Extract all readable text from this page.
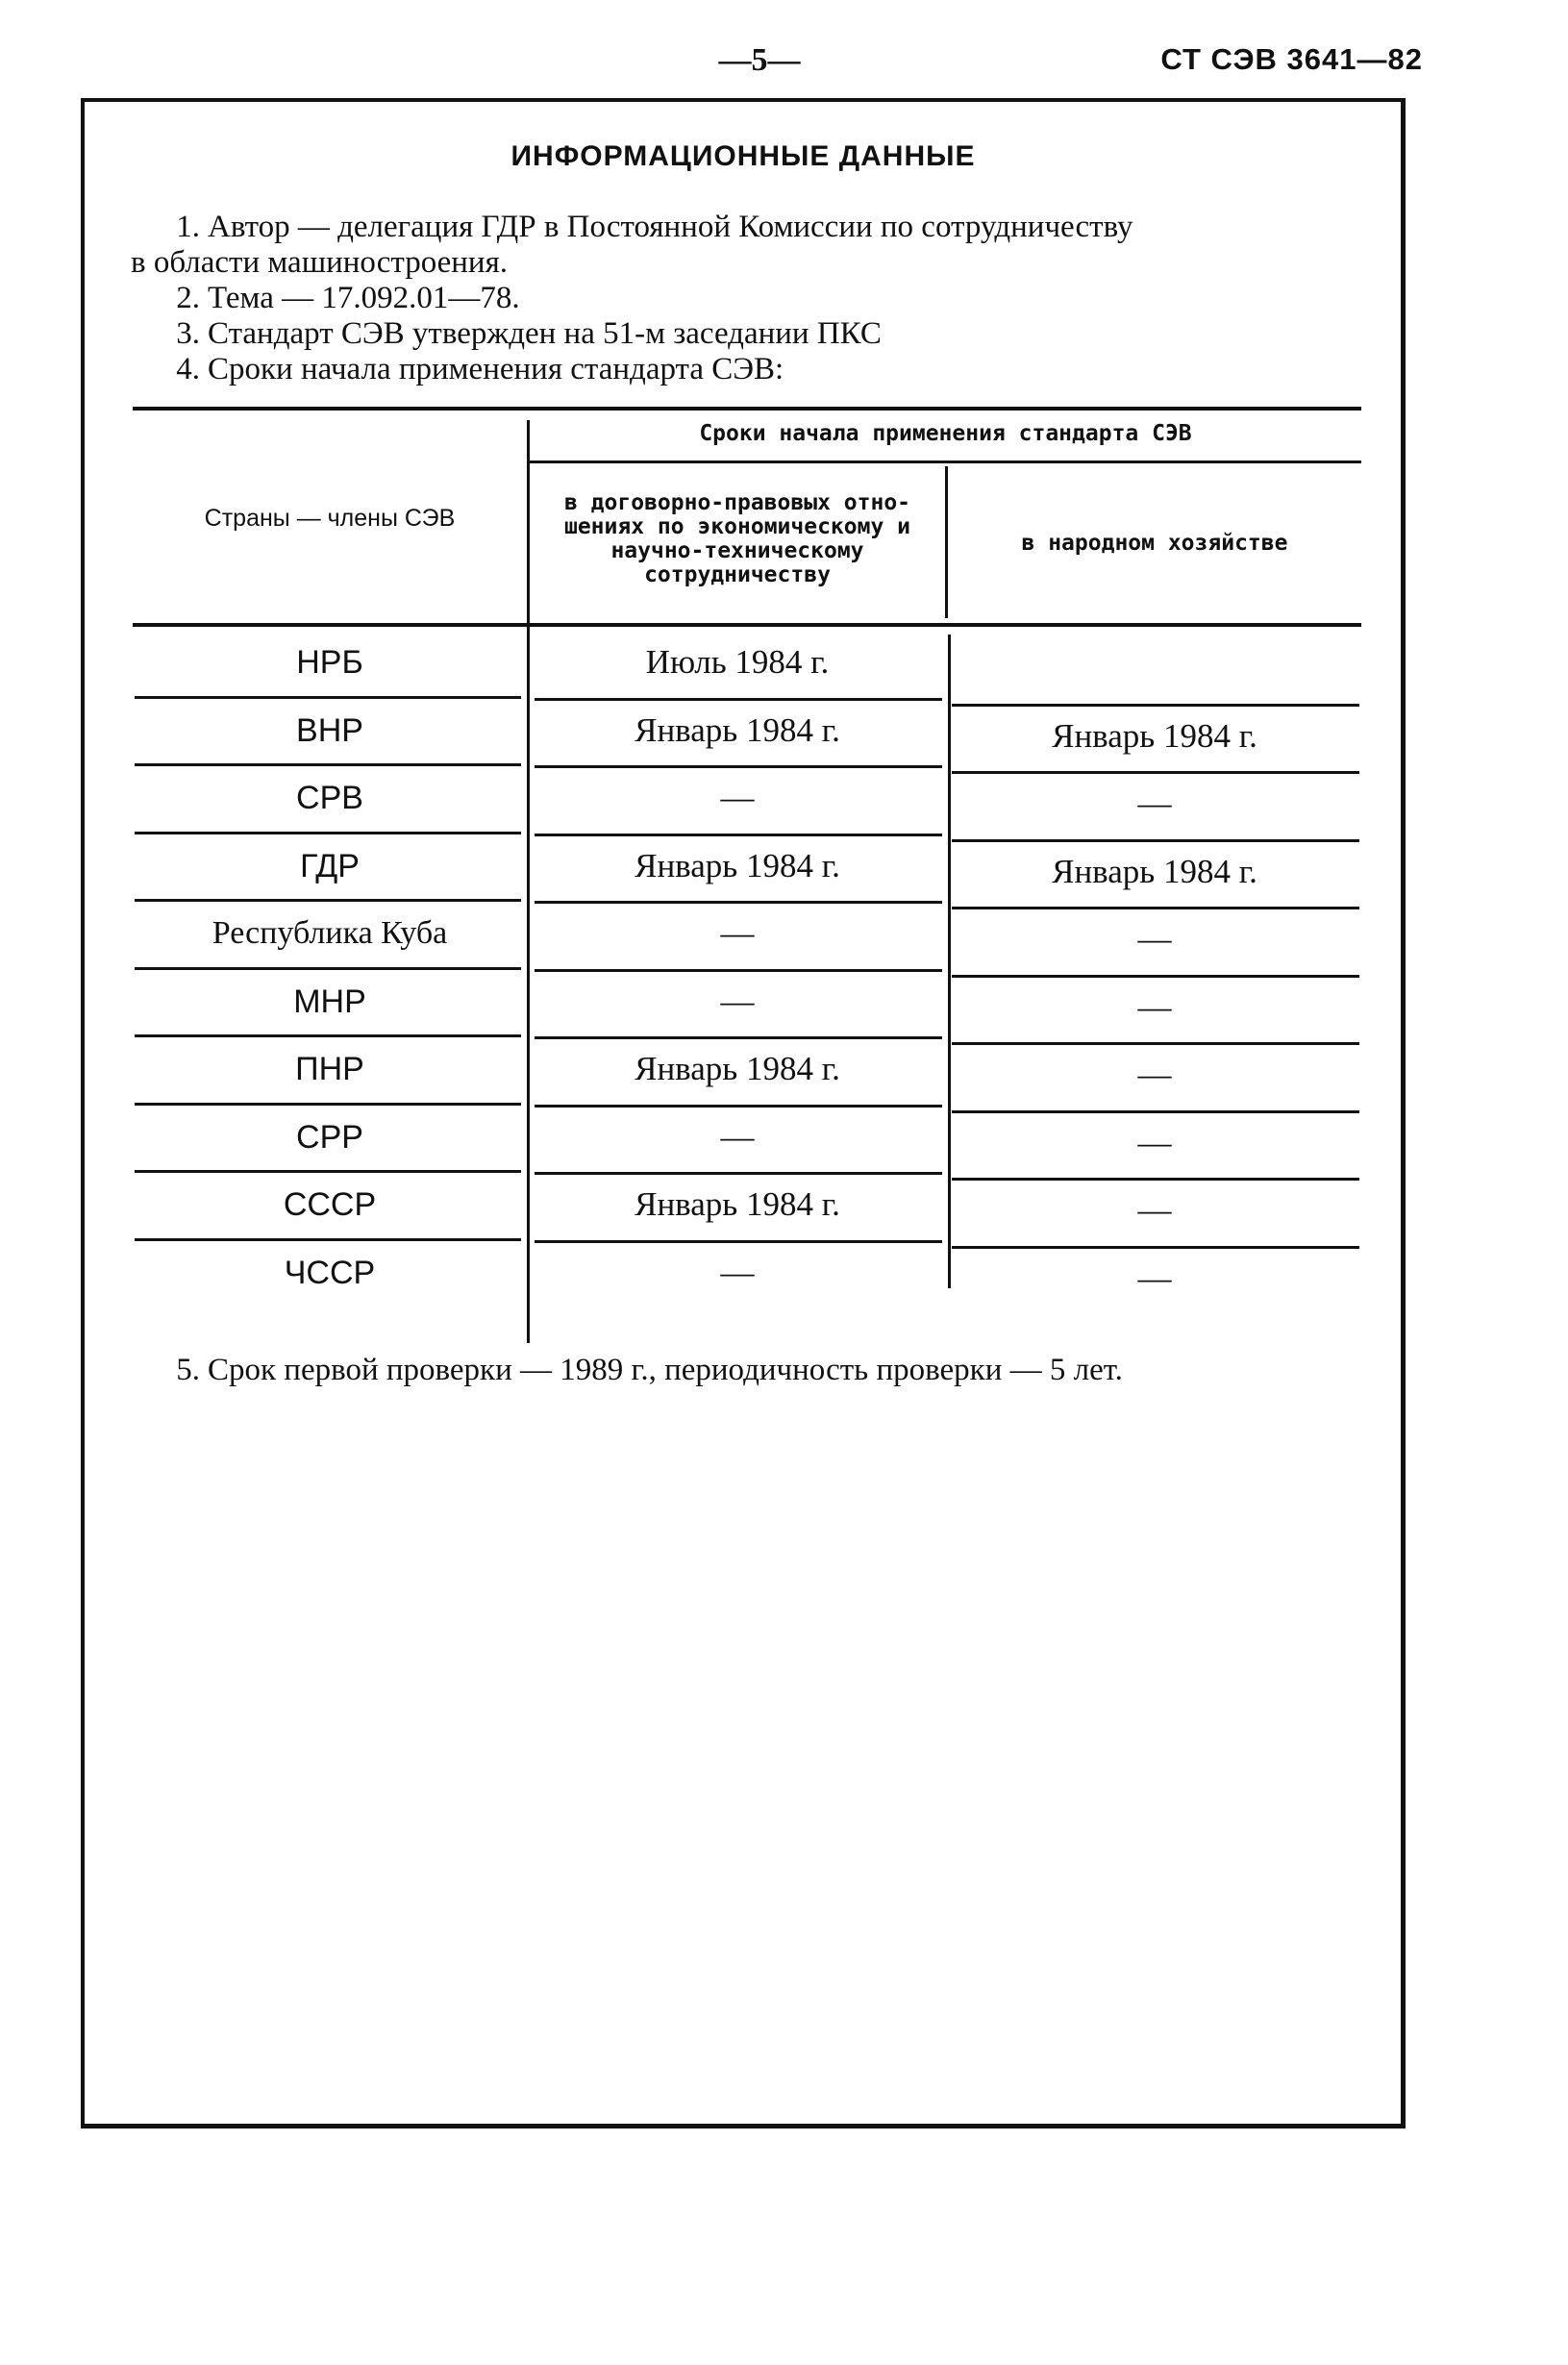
—5—	СТ СЭВ 3641—82
ИНФОРМАЦИОННЫЕ ДАННЫЕ
1. Автор — делегация ГДР в Постоянной Комиссии по сотрудничеству
в области машиностроения.
2. Тема — 17.092.01—78.
3. Стандарт СЭВ утвержден на 51-м заседании ПКС
4. Сроки начала применения стандарта СЭВ:
Страны — члены СЭВ
Сроки начала применения стандарта СЭВ
в договорно-правовых отно-
шениях по экономическому и
научно-техническому
сотрудничеству
в народном хозяйстве
НРБ	Июль 1984 г.
ВНР	Январь 1984 г.	Январь 1984 г.
СРВ	—	—
ГДР	Январь 1984 г.	Январь 1984 г.
Республика Куба	—	—
МНР	—	—
ПНР	Январь 1984 г.	—
СРР	—	—
СССР	Январь 1984 г.	—
ЧССР	—	—
5. Срок первой проверки — 1989 г., периодичность проверки — 5 лет.
